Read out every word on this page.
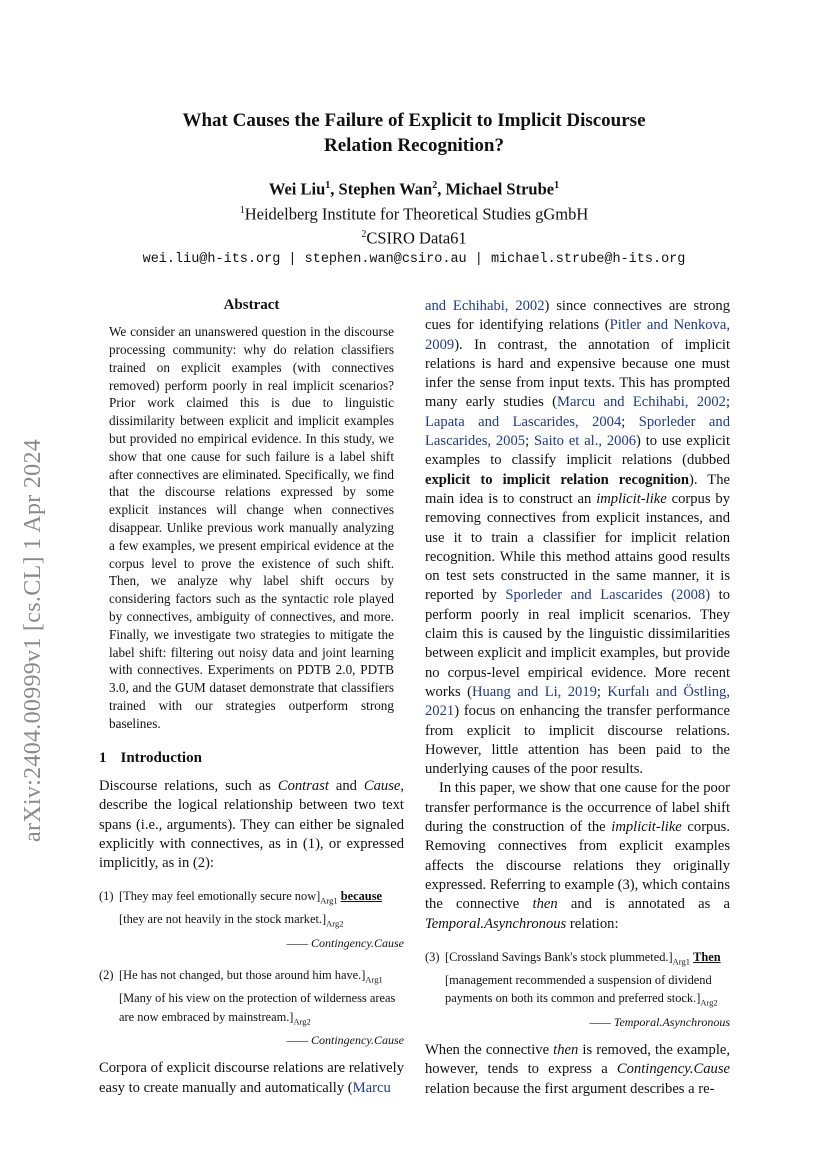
arXiv:2404.00999v1 [cs.CL] 1 Apr 2024
What Causes the Failure of Explicit to Implicit Discourse
Relation Recognition?
Wei Liu$^1$, Stephen Wan$^2$, Michael Strube$^1$
$^1$Heidelberg Institute for Theoretical Studies gGmbH
$^2$CSIRO Data61
wei.liu@h-its.org | stephen.wan@csiro.au | michael.strube@h-its.org
Abstract

We consider an unanswered question in the discourse processing community: why do relation classifiers trained on explicit examples (with connectives removed) perform poorly in real implicit scenarios? Prior work claimed this is due to linguistic dissimilarity between explicit and implicit examples but provided no empirical evidence. In this study, we show that one cause for such failure is a label shift after connectives are eliminated. Specifically, we find that the discourse relations expressed by some explicit instances will change when connectives disappear. Unlike previous work manually analyzing a few examples, we present empirical evidence at the corpus level to prove the existence of such shift. Then, we analyze why label shift occurs by considering factors such as the syntactic role played by connectives, ambiguity of connectives, and more. Finally, we investigate two strategies to mitigate the label shift: filtering out noisy data and joint learning with connectives. Experiments on PDTB 2.0, PDTB 3.0, and the GUM dataset demonstrate that classifiers trained with our strategies outperform strong baselines.

1 Introduction

Discourse relations, such as Contrast and Cause, describe the logical relationship between two text spans (i.e., arguments). They can either be signaled explicitly with connectives, as in (1), or expressed implicitly, as in (2):

(1) [They may feel emotionally secure $now]_{Arg1}$ because [they are not heavily in the stock $market.]_{Arg2}$
—— Contingency.Cause
(2) [He has not changed, but those around him $have.]_{Arg1}$ [Many of his view on the protection of wilderness areas are now embraced by $mainstream.]_{Arg2}$
—— Contingency.Cause

Corpora of explicit discourse relations are relatively easy to create manually and automatically (Marcu

and Echihabi, 2002) since connectives are strong cues for identifying relations (Pitler and Nenkova, 2009). In contrast, the annotation of implicit relations is hard and expensive because one must infer the sense from input texts. This has prompted many early studies (Marcu and Echihabi, 2002; Lapata and Lascarides, 2004; Sporleder and Lascarides, 2005; Saito et al., 2006) to use explicit examples to classify implicit relations (dubbed explicit to implicit relation recognition). The main idea is to construct an implicit-like corpus by removing connectives from explicit instances, and use it to train a classifier for implicit relation recognition. While this method attains good results on test sets constructed in the same manner, it is reported by Sporleder and Lascarides (2008) to perform poorly in real implicit scenarios. They claim this is caused by the linguistic dissimilarities between explicit and implicit examples, but provide no corpus-level empirical evidence. More recent works (Huang and Li, 2019; Kurfalı and Östling, 2021) focus on enhancing the transfer performance from explicit to implicit discourse relations. However, little attention has been paid to the underlying causes of the poor results.

In this paper, we show that one cause for the poor transfer performance is the occurrence of label shift during the construction of the implicit-like corpus. Removing connectives from explicit examples affects the discourse relations they originally expressed. Referring to example (3), which contains the connective then and is annotated as a Temporal.Asynchronous relation:

(3) [Crossland Savings Bank's stock $plummeted.]_{Arg1}$ Then [management recommended a suspension of dividend payments on both its common and preferred $stock.]_{Arg2}$
—— Temporal.Asynchronous

When the connective then is removed, the example, however, tends to express a Contingency.Cause relation because the first argument describes a re-
